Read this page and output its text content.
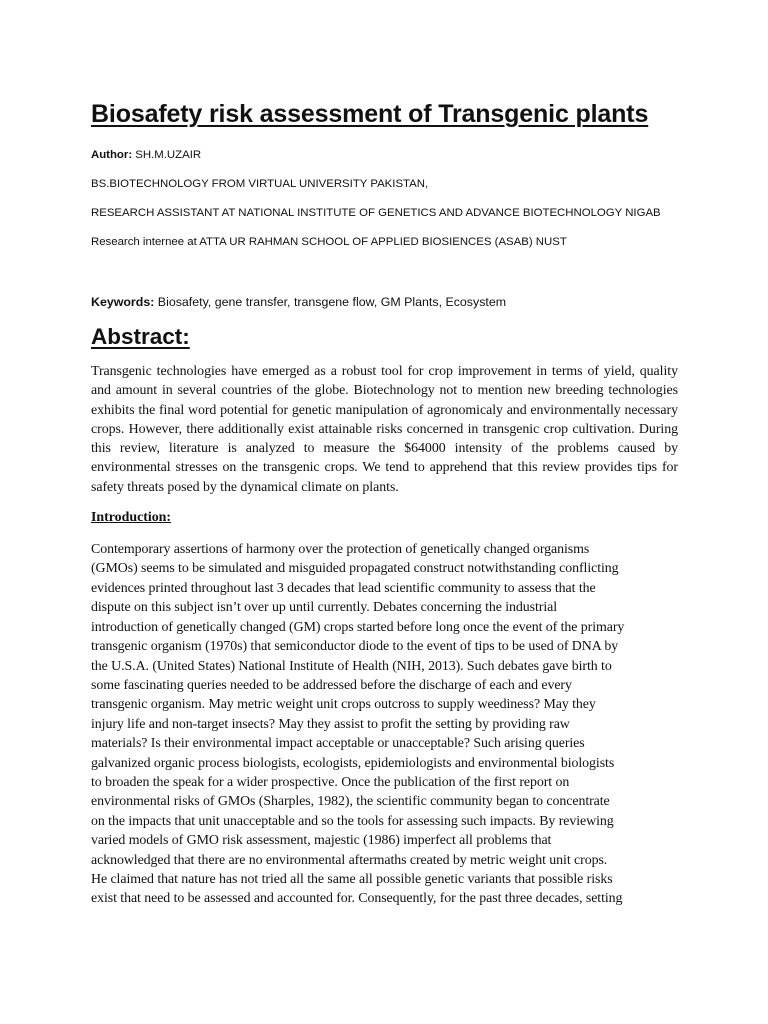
Biosafety risk assessment of Transgenic plants

Author: SH.M.UZAIR

BS.BIOTECHNOLOGY FROM VIRTUAL UNIVERSITY PAKISTAN,

RESEARCH ASSISTANT AT NATIONAL INSTITUTE OF GENETICS AND ADVANCE BIOTECHNOLOGY NIGAB

Research internee at ATTA UR RAHMAN SCHOOL OF APPLIED BIOSIENCES (ASAB) NUST

Keywords: Biosafety, gene transfer, transgene flow, GM Plants, Ecosystem

Abstract:

Transgenic technologies have emerged as a robust tool for crop improvement in terms of yield, quality and amount in several countries of the globe. Biotechnology not to mention new breeding technologies exhibits the final word potential for genetic manipulation of agronomicaly and environmentally necessary crops. However, there additionally exist attainable risks concerned in transgenic crop cultivation. During this review, literature is analyzed to measure the $64000 intensity of the problems caused by environmental stresses on the transgenic crops. We tend to apprehend that this review provides tips for safety threats posed by the dynamical climate on plants.

Introduction:

Contemporary assertions of harmony over the protection of genetically changed organisms
(GMOs) seems to be simulated and misguided propagated construct notwithstanding conflicting
evidences printed throughout last 3 decades that lead scientific community to assess that the
dispute on this subject isn’t over up until currently. Debates concerning the industrial
introduction of genetically changed (GM) crops started before long once the event of the primary
transgenic organism (1970s) that semiconductor diode to the event of tips to be used of DNA by
the U.S.A. (United States) National Institute of Health (NIH, 2013). Such debates gave birth to
some fascinating queries needed to be addressed before the discharge of each and every
transgenic organism. May metric weight unit crops outcross to supply weediness? May they
injury life and non-target insects? May they assist to profit the setting by providing raw
materials? Is their environmental impact acceptable or unacceptable? Such arising queries
galvanized organic process biologists, ecologists, epidemiologists and environmental biologists
to broaden the speak for a wider prospective. Once the publication of the first report on
environmental risks of GMOs (Sharples, 1982), the scientific community began to concentrate
on the impacts that unit unacceptable and so the tools for assessing such impacts. By reviewing
varied models of GMO risk assessment, majestic (1986) imperfect all problems that
acknowledged that there are no environmental aftermaths created by metric weight unit crops.
He claimed that nature has not tried all the same all possible genetic variants that possible risks
exist that need to be assessed and accounted for. Consequently, for the past three decades, setting
